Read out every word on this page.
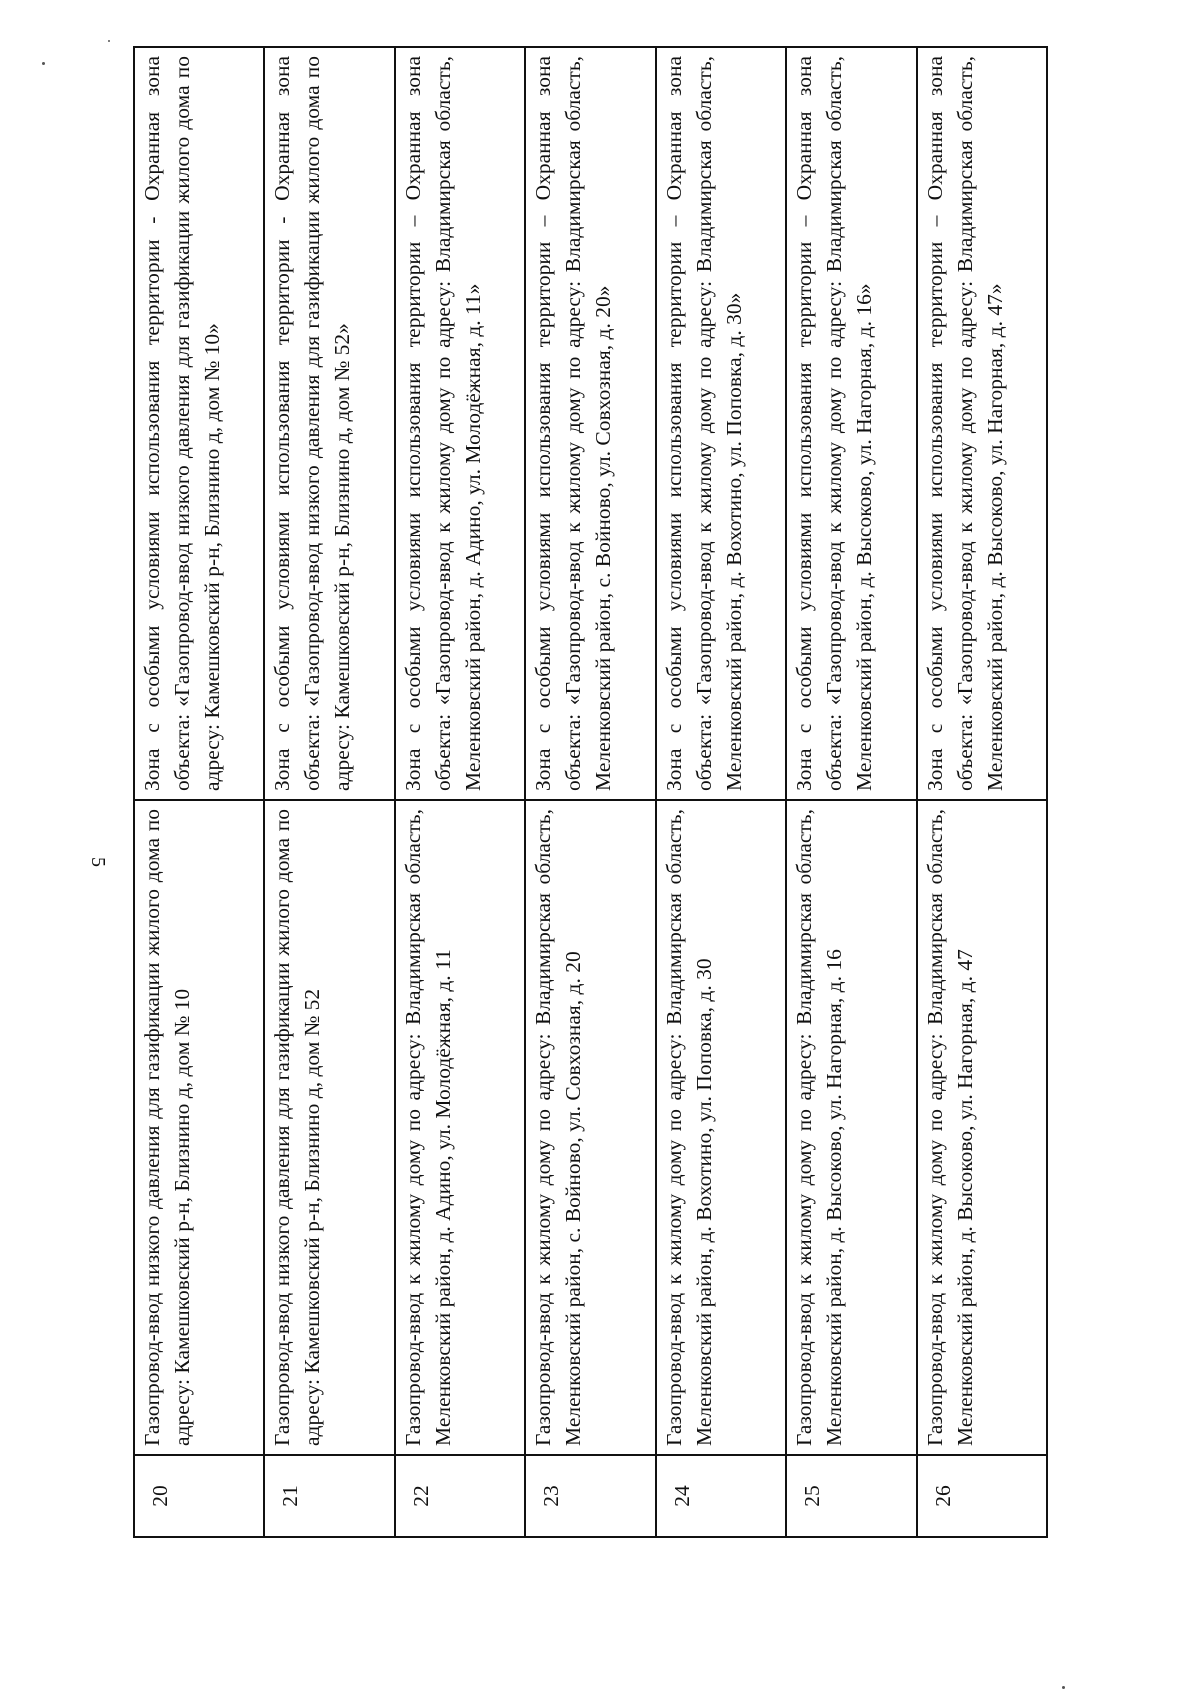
5
20	Газопровод-ввод низкого давления для газификации жилого дома по адресу: Камешковский р-н, Близнино д, дом № 10	Зона с особыми условиями использования территории - Охранная зона объекта: «Газопровод-ввод низкого давления для газификации жилого дома по адресу: Камешковский р-н, Близнино д, дом № 10»
21	Газопровод-ввод низкого давления для газификации жилого дома по адресу: Камешковский р-н, Близнино д, дом № 52	Зона с особыми условиями использования территории - Охранная зона объекта: «Газопровод-ввод низкого давления для газификации жилого дома по адресу: Камешковский р-н, Близнино д, дом № 52»
22	Газопровод-ввод к жилому дому по адресу: Владимирская область, Меленковский район, д. Адино, ул. Молодёжная, д. 11	Зона с особыми условиями использования территории – Охранная зона объекта: «Газопровод-ввод к жилому дому по адресу: Владимирская область, Меленковский район, д. Адино, ул. Молодёжная, д. 11»
23	Газопровод-ввод к жилому дому по адресу: Владимирская область, Меленковский район, с. Войново, ул. Совхозная, д. 20	Зона с особыми условиями использования территории – Охранная зона объекта: «Газопровод-ввод к жилому дому по адресу: Владимирская область, Меленковский район, с. Войново, ул. Совхозная, д. 20»
24	Газопровод-ввод к жилому дому по адресу: Владимирская область, Меленковский район, д. Вохотино, ул. Поповка, д. 30	Зона с особыми условиями использования территории – Охранная зона объекта: «Газопровод-ввод к жилому дому по адресу: Владимирская область, Меленковский район, д. Вохотино, ул. Поповка, д. 30»
25	Газопровод-ввод к жилому дому по адресу: Владимирская область, Меленковский район, д. Высоково, ул. Нагорная, д. 16	Зона с особыми условиями использования территории – Охранная зона объекта: «Газопровод-ввод к жилому дому по адресу: Владимирская область, Меленковский район, д. Высоково, ул. Нагорная, д. 16»
26	Газопровод-ввод к жилому дому по адресу: Владимирская область, Меленковский район, д. Высоково, ул. Нагорная, д. 47	Зона с особыми условиями использования территории – Охранная зона объекта: «Газопровод-ввод к жилому дому по адресу: Владимирская область, Меленковский район, д. Высоково, ул. Нагорная, д. 47»
